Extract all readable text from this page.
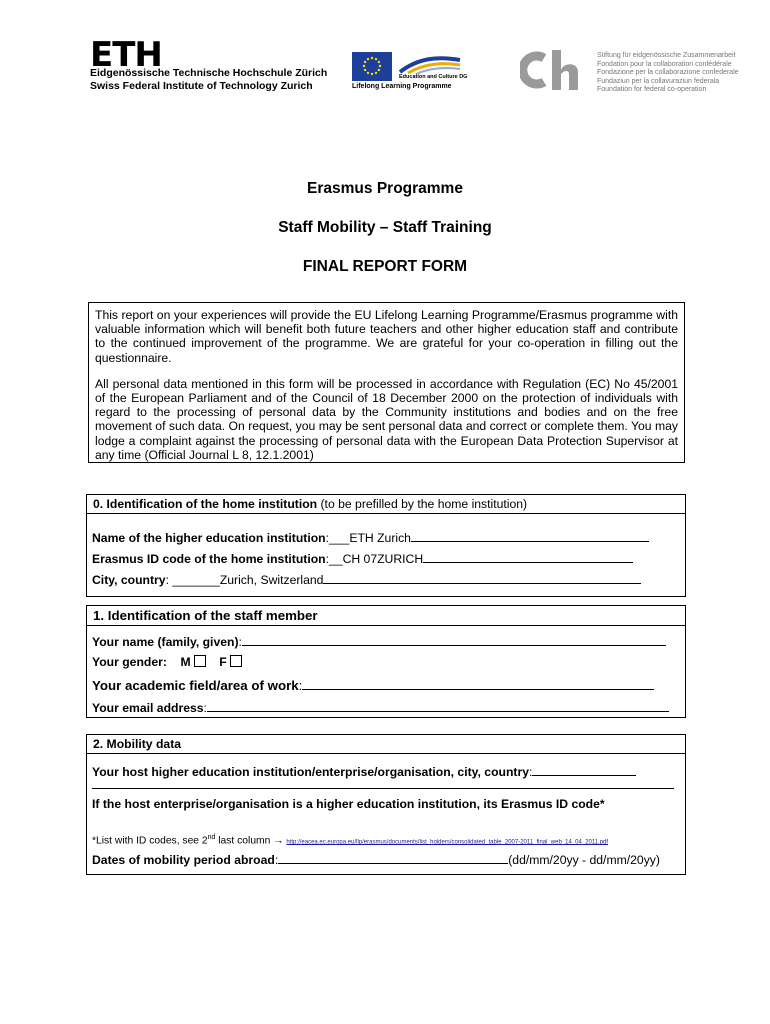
ETH
Eidgenössische Technische Hochschule Zürich
Swiss Federal Institute of Technology Zurich
Education and Culture DG
Lifelong Learning Programme
Stiftung für eidgenössische Zusammenarbeit
Fondation pour la collaboration confédérale
Fondazione per la collaborazione confederale
Fundaziun per la collavuraziun federala
Foundation for federal co-operation
Erasmus Programme
Staff Mobility – Staff Training
FINAL REPORT FORM

This report on your experiences will provide the EU Lifelong Learning Programme/Erasmus programme with valuable information which will benefit both future teachers and other higher education staff and contribute to the continued improvement of the programme. We are grateful for your co-operation in filling out the questionnaire.

All personal data mentioned in this form will be processed in accordance with Regulation (EC) No 45/2001 of the European Parliament and of the Council of 18 December 2000 on the protection of individuals with regard to the processing of personal data by the Community institutions and bodies and on the free movement of such data. On request, you may be sent personal data and correct or complete them. You may lodge a complaint against the processing of personal data with the European Data Protection Supervisor at any time (Official Journal L 8, 12.1.2001)

0. Identification of the home institution (to be prefilled by the home institution)
Name of the higher education institution:___ETH Zurich
Erasmus ID code of the home institution:__CH 07ZURICH
City, country: _______Zurich, Switzerland
1. Identification of the staff member
Your name (family, given):
Your gender: M F
Your academic field/area of work:
Your email address:
2. Mobility data
Your host higher education institution/enterprise/organisation, city, country:
If the host enterprise/organisation is a higher education institution, its Erasmus ID code*
*List with ID codes, see 2nd last column → http://eacea.ec.europa.eu/llp/erasmus/documents/list_holders/consolidated_table_2007-2011_final_web_14_04_2011.pdf
Dates of mobility period abroad:	(dd/mm/20yy - dd/mm/20yy)
